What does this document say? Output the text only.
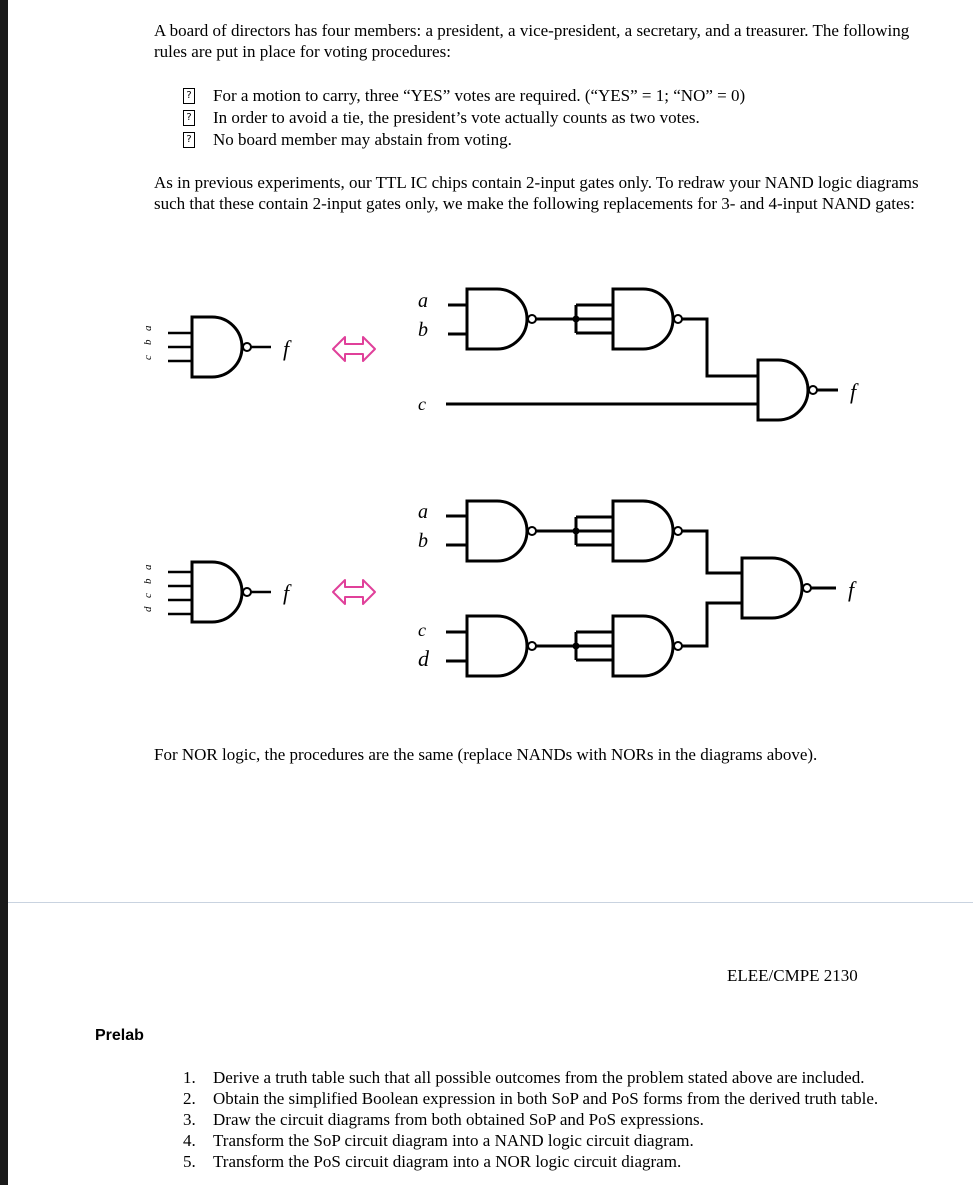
A board of directors has four members: a president, a vice-president, a secretary, and a treasurer. The following rules are put in place for voting procedures:

? For a motion to carry, three “YES” votes are required. (“YES” = 1; “NO” = 0)
? In order to avoid a tie, the president’s vote actually counts as two votes.
? No board member may abstain from voting.

As in previous experiments, our TTL IC chips contain 2-input gates only. To redraw your NAND logic diagrams such that these contain 2-input gates only, we make the following replacements for 3- and 4-input NAND gates:

a
b
c	f
a
b
c	f
a
b
c
d
f
a
b
c
d
f

For NOR logic, the procedures are the same (replace NANDs with NORs in the diagrams above).

ELEE/CMPE 2130
Prelab
1. Derive a truth table such that all possible outcomes from the problem stated above are included.
2. Obtain the simplified Boolean expression in both SoP and PoS forms from the derived truth table.
3. Draw the circuit diagrams from both obtained SoP and PoS expressions.
4. Transform the SoP circuit diagram into a NAND logic circuit diagram.
5. Transform the PoS circuit diagram into a NOR logic circuit diagram.
